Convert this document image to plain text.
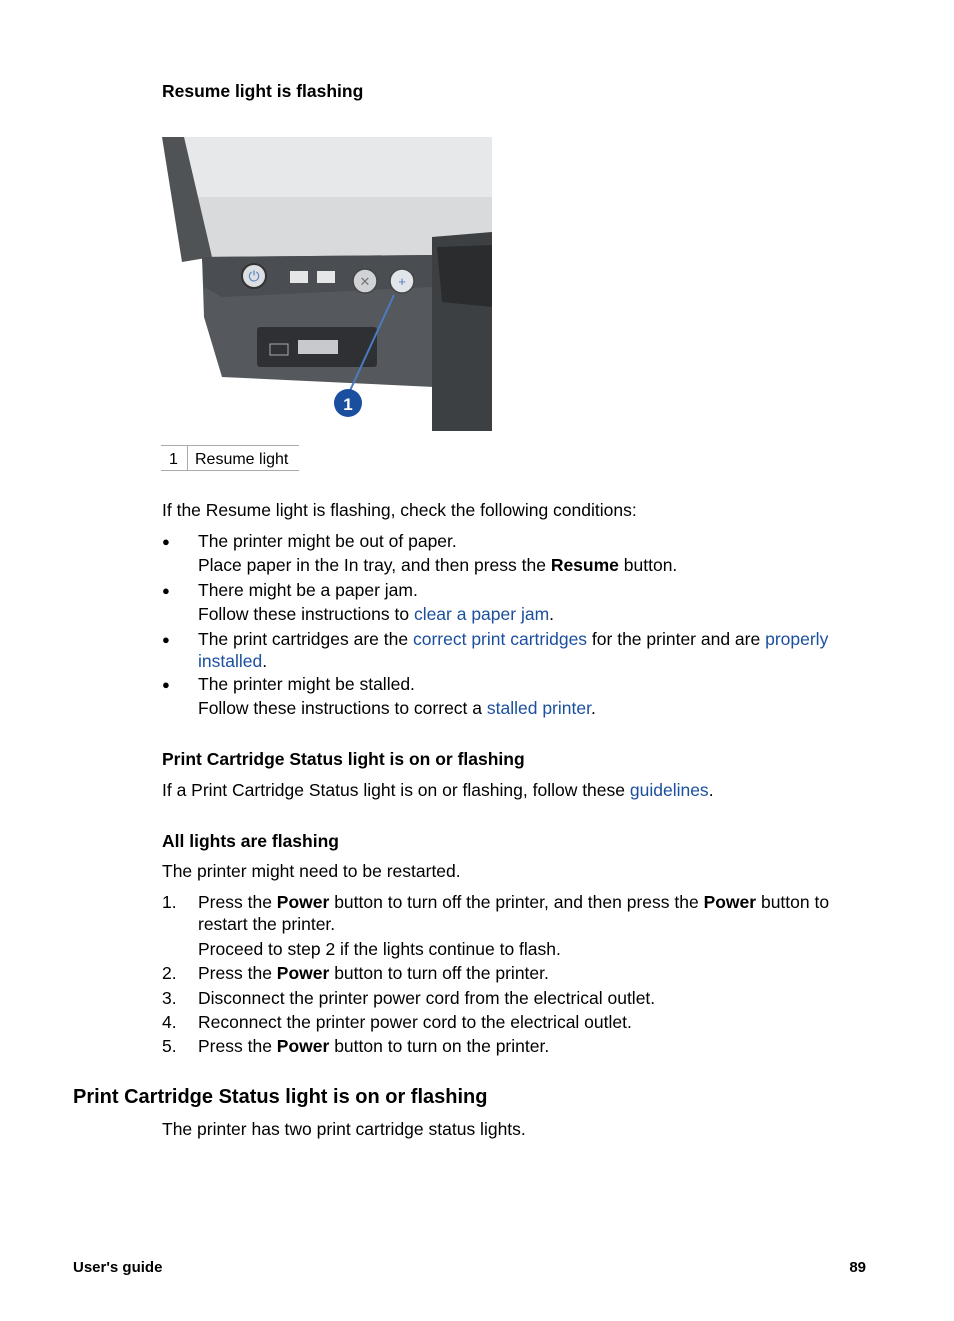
Resume light is flashing
⏻	✕ +
1
1	Resume light
If the Resume light is flashing, check the following conditions:
● The printer might be out of paper.
Place paper in the In tray, and then press the Resume button.
● There might be a paper jam.
Follow these instructions to clear a paper jam.
● The print cartridges are the correct print cartridges for the printer and are properly
installed.
● The printer might be stalled.
Follow these instructions to correct a stalled printer.
Print Cartridge Status light is on or flashing
If a Print Cartridge Status light is on or flashing, follow these guidelines.
All lights are flashing
The printer might need to be restarted.
1. Press the Power button to turn off the printer, and then press the Power button to
restart the printer.
Proceed to step 2 if the lights continue to flash.
2. Press the Power button to turn off the printer.
3. Disconnect the printer power cord from the electrical outlet.
4. Reconnect the printer power cord to the electrical outlet.
5. Press the Power button to turn on the printer.
Print Cartridge Status light is on or flashing
The printer has two print cartridge status lights.
User's guide	89
